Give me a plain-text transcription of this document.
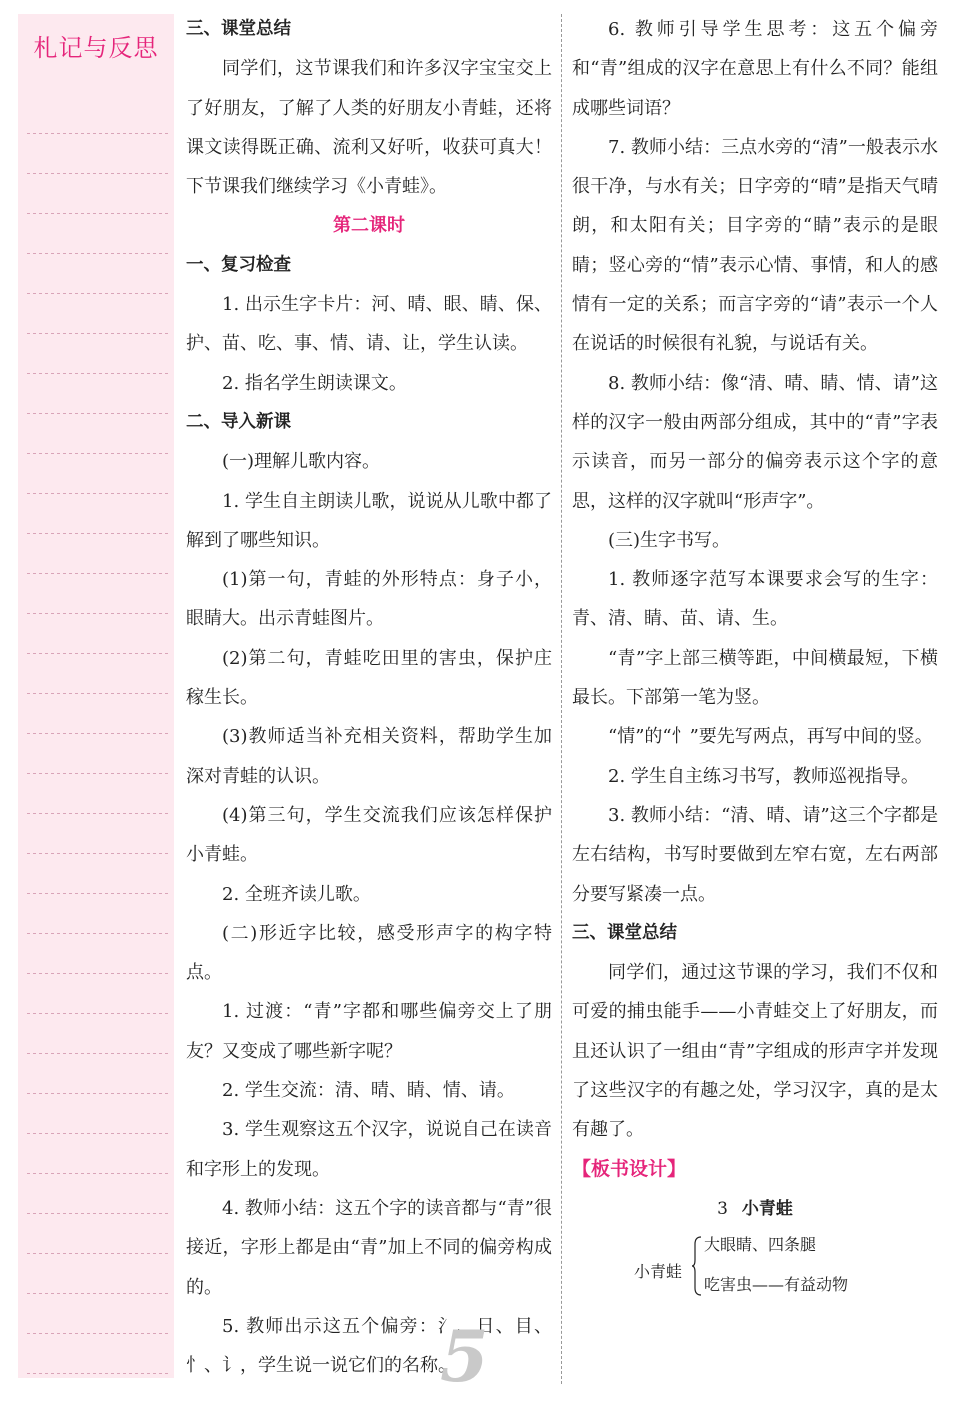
札记与反思

三、课堂总结

同学们，这节课我们和许多汉字宝宝交上了好朋友，了解了人类的好朋友小青蛙，还将课文读得既正确、流利又好听，收获可真大！下节课我们继续学习《小青蛙》。

第二课时

一、复习检查

1. 出示生字卡片：河、晴、眼、睛、保、护、苗、吃、事、情、请、让，学生认读。

2. 指名学生朗读课文。

二、导入新课

(一)理解儿歌内容。

1. 学生自主朗读儿歌，说说从儿歌中都了解到了哪些知识。

(1)第一句，青蛙的外形特点：身子小，眼睛大。出示青蛙图片。

(2)第二句，青蛙吃田里的害虫，保护庄稼生长。

(3)教师适当补充相关资料，帮助学生加深对青蛙的认识。

(4)第三句，学生交流我们应该怎样保护小青蛙。

2. 全班齐读儿歌。

(二)形近字比较，感受形声字的构字特点。

1. 过渡：“青”字都和哪些偏旁交上了朋友？又变成了哪些新字呢？

2. 学生交流：清、晴、睛、情、请。

3. 学生观察这五个汉字，说说自己在读音和字形上的发现。

4. 教师小结：这五个字的读音都与“青”很接近，字形上都是由“青”加上不同的偏旁构成的。

5. 教师出示这五个偏旁：氵、日、目、忄、讠，学生说一说它们的名称。

6. 教师引导学生思考：这五个偏旁和“青”组成的汉字在意思上有什么不同？能组成哪些词语？

7. 教师小结：三点水旁的“清”一般表示水很干净，与水有关；日字旁的“晴”是指天气晴朗，和太阳有关；目字旁的“睛”表示的是眼睛；竖心旁的“情”表示心情、事情，和人的感情有一定的关系；而言字旁的“请”表示一个人在说话的时候很有礼貌，与说话有关。

8. 教师小结：像“清、晴、睛、情、请”这样的汉字一般由两部分组成，其中的“青”字表示读音，而另一部分的偏旁表示这个字的意思，这样的汉字就叫“形声字”。

(三)生字书写。

1. 教师逐字范写本课要求会写的生字：青、清、睛、苗、请、生。

“青”字上部三横等距，中间横最短，下横最长。下部第一笔为竖。

“情”的“忄”要先写两点，再写中间的竖。

2. 学生自主练习书写，教师巡视指导。

3. 教师小结：“清、晴、请”这三个字都是左右结构，书写时要做到左窄右宽，左右两部分要写紧凑一点。

三、课堂总结

同学们，通过这节课的学习，我们不仅和可爱的捕虫能手——小青蛙交上了好朋友，而且还认识了一组由“青”字组成的形声字并发现了这些汉字的有趣之处，学习汉字，真的是太有趣了。

【板书设计】

3 小青蛙
小青蛙
大眼睛、四条腿
吃害虫——有益动物
5
